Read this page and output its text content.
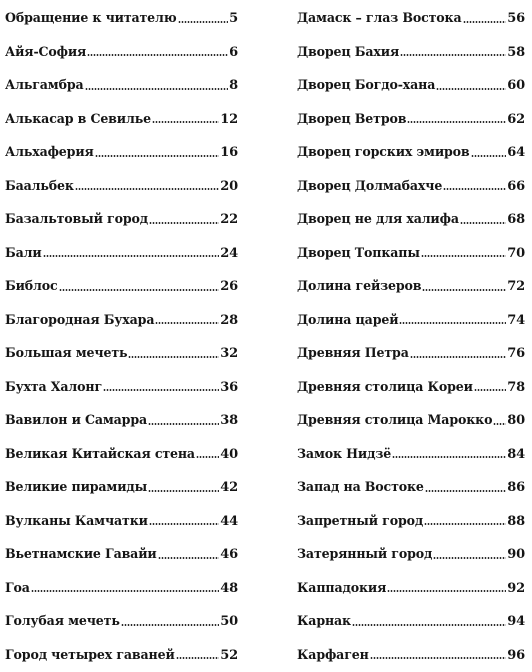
Обращение к читателю	5
Айя-София	6
Альгамбра	8
Алькасар в Севилье	12
Альхаферия	16
Баальбек	20
Базальтовый город	22
Бали	24
Библос	26
Благородная Бухара	28
Большая мечеть	32
Бухта Халонг	36
Вавилон и Самарра	38
Великая Китайская стена 40
Великие пирамиды	42
Вулканы Камчатки	44
Вьетнамские Гавайи	46
Гоа	48
Голубая мечеть	50
Город четырех гаваней	52
Дамаск – глаз Востока	56
Дворец Бахия	58
Дворец Богдо-хана	60
Дворец Ветров	62
Дворец горских эмиров	64
Дворец Долмабахче	66
Дворец не для халифа	68
Дворец Топкапы	70
Долина гейзеров	72
Долина царей	74
Древняя Петра	76
Древняя столица Кореи	78
Древняя столица Марокко 80
Замок Нидзё	84
Запад на Востоке	86
Запретный город	88
Затерянный город	90
Каппадокия	92
Карнак	94
Карфаген	96
